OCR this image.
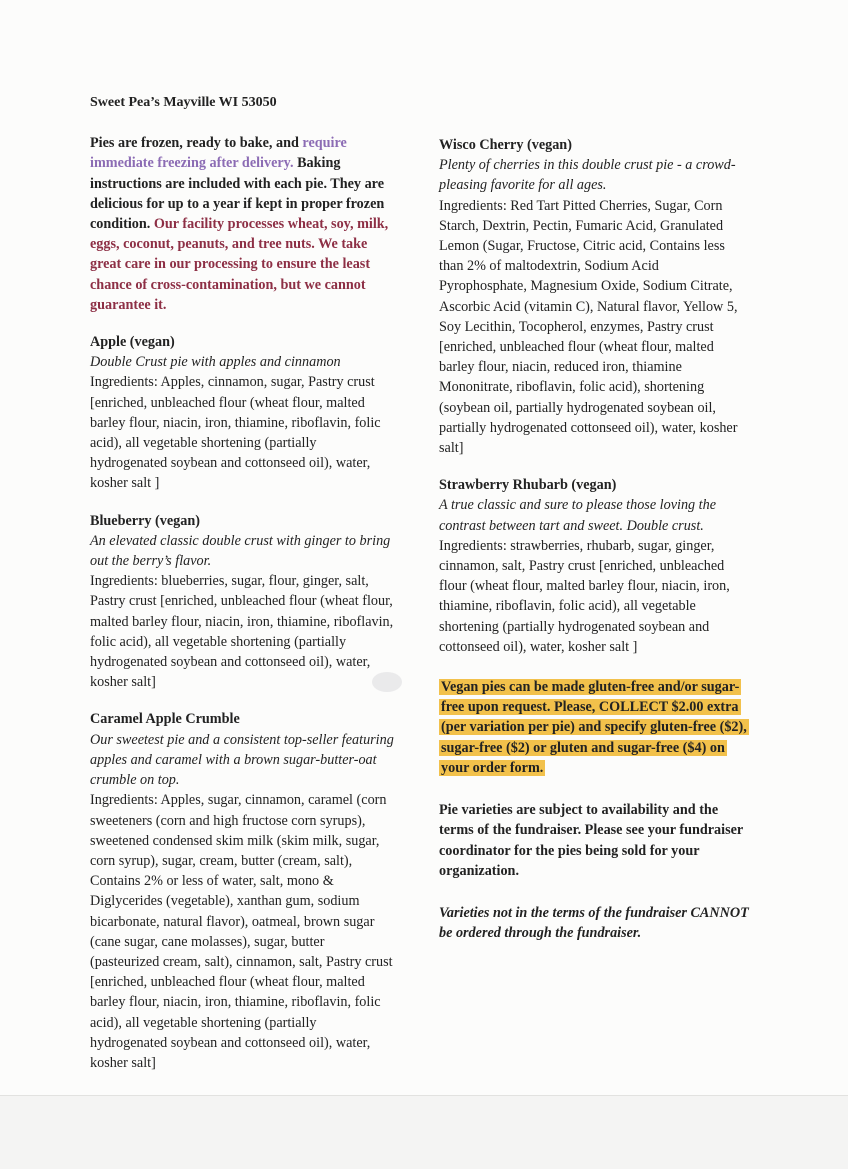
Sweet Pea’s Mayville WI 53050
Pies are frozen, ready to bake, and require immediate freezing after delivery. Baking instructions are included with each pie. They are delicious for up to a year if kept in proper frozen condition. Our facility processes wheat, soy, milk, eggs, coconut, peanuts, and tree nuts. We take great care in our processing to ensure the least chance of cross-contamination, but we cannot guarantee it.
Apple (vegan)
Double Crust pie with apples and cinnamon
Ingredients: Apples, cinnamon, sugar, Pastry crust [enriched, unbleached flour (wheat flour, malted barley flour, niacin, iron, thiamine, riboflavin, folic acid), all vegetable shortening (partially hydrogenated soybean and cottonseed oil), water, kosher salt ]
Blueberry (vegan)
An elevated classic double crust with ginger to bring out the berry’s flavor.
Ingredients: blueberries, sugar, flour, ginger, salt, Pastry crust [enriched, unbleached flour (wheat flour, malted barley flour, niacin, iron, thiamine, riboflavin, folic acid), all vegetable shortening (partially hydrogenated soybean and cottonseed oil), water, kosher salt]
Caramel Apple Crumble
Our sweetest pie and a consistent top-seller featuring apples and caramel with a brown sugar-butter-oat crumble on top.
Ingredients: Apples, sugar, cinnamon, caramel (corn sweeteners (corn and high fructose corn syrups), sweetened condensed skim milk (skim milk, sugar, corn syrup), sugar, cream, butter (cream, salt), Contains 2% or less of water, salt, mono & Diglycerides (vegetable), xanthan gum, sodium bicarbonate, natural flavor), oatmeal, brown sugar (cane sugar, cane molasses), sugar, butter (pasteurized cream, salt), cinnamon, salt, Pastry crust [enriched, unbleached flour (wheat flour, malted barley flour, niacin, iron, thiamine, riboflavin, folic acid), all vegetable shortening (partially hydrogenated soybean and cottonseed oil), water, kosher salt]
Wisco Cherry (vegan)
Plenty of cherries in this double crust pie - a crowd-pleasing favorite for all ages.
Ingredients: Red Tart Pitted Cherries, Sugar, Corn Starch, Dextrin, Pectin, Fumaric Acid, Granulated Lemon (Sugar, Fructose, Citric acid, Contains less than 2% of maltodextrin, Sodium Acid Pyrophosphate, Magnesium Oxide, Sodium Citrate, Ascorbic Acid (vitamin C), Natural flavor, Yellow 5, Soy Lecithin, Tocopherol, enzymes, Pastry crust [enriched, unbleached flour (wheat flour, malted barley flour, niacin, reduced iron, thiamine Mononitrate, riboflavin, folic acid), shortening (soybean oil, partially hydrogenated soybean oil, partially hydrogenated cottonseed oil), water, kosher salt]
Strawberry Rhubarb (vegan)
A true classic and sure to please those loving the contrast between tart and sweet. Double crust.
Ingredients: strawberries, rhubarb, sugar, ginger, cinnamon, salt, Pastry crust [enriched, unbleached flour (wheat flour, malted barley flour, niacin, iron, thiamine, riboflavin, folic acid), all vegetable shortening (partially hydrogenated soybean and cottonseed oil), water, kosher salt ]
Vegan pies can be made gluten-free and/or sugar-free upon request. Please, COLLECT $2.00 extra (per variation per pie) and specify gluten-free ($2), sugar-free ($2) or gluten and sugar-free ($4) on your order form.
Pie varieties are subject to availability and the terms of the fundraiser. Please see your fundraiser coordinator for the pies being sold for your organization.
Varieties not in the terms of the fundraiser CANNOT be ordered through the fundraiser.
